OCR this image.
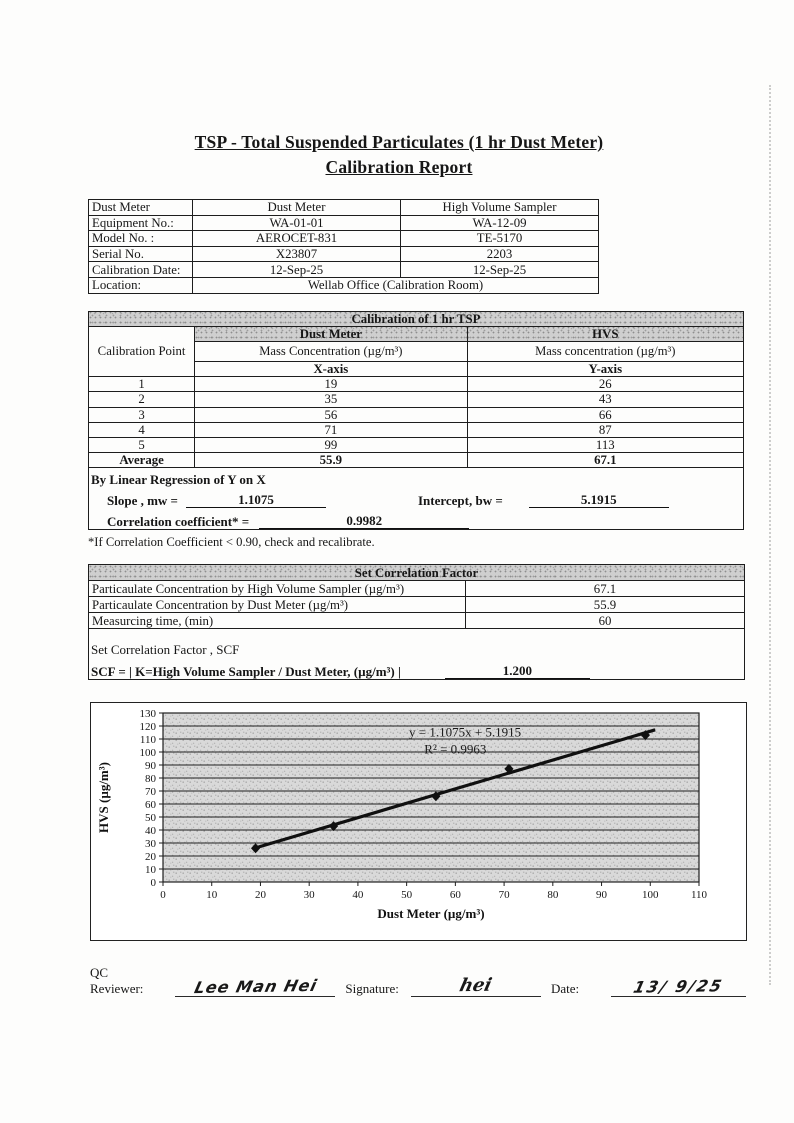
TSP - Total Suspended Particulates (1 hr Dust Meter)
Calibration Report
Dust Meter	Dust Meter	High Volume Sampler
Equipment No.:	WA-01-01	WA-12-09
Model No. :	AEROCET-831	TE-5170
Serial No.	X23807	2203
Calibration Date:	12-Sep-25	12-Sep-25
Location:	Wellab Office (Calibration Room)	
Calibration of 1 hr TSP		
Calibration Point	Dust Meter	HVS
	Mass Concentration (µg/m³)	Mass concentration (µg/m³)
	X-axis	Y-axis
1	19	26
2	35	43
3	56	66
4	71	87
5	99	113
Average	55.9	67.1

By Linear Regression of Y on X
Slope , mw =	1.1075	Intercept, bw =	5.1915
Correlation coefficient* =	0.9982
*If Correlation Coefficient < 0.90, check and recalibrate.
Set Correlation Factor	
Particaulate Concentration by High Volume Sampler (µg/m³)	67.1
Particaulate Concentration by Dust Meter (µg/m³)	55.9
Measurcing time, (min)	60

Set Correlation Factor , SCF
SCF = | K=High Volume Sampler / Dust Meter, (µg/m³) | 1.200	
0
10
20
30
40
50
60
70
80
90
100
110
120
130
0	10	20	30	40	50	60	70	80	90	100	110
y = 1.1075x + 5.1915
R² = 0.9963
Dust Meter (µg/m³)
HVS (µg/m³)
QC Reviewer:	Lee Man Hei	Signature:	hei	Date:	13/ 9/25
